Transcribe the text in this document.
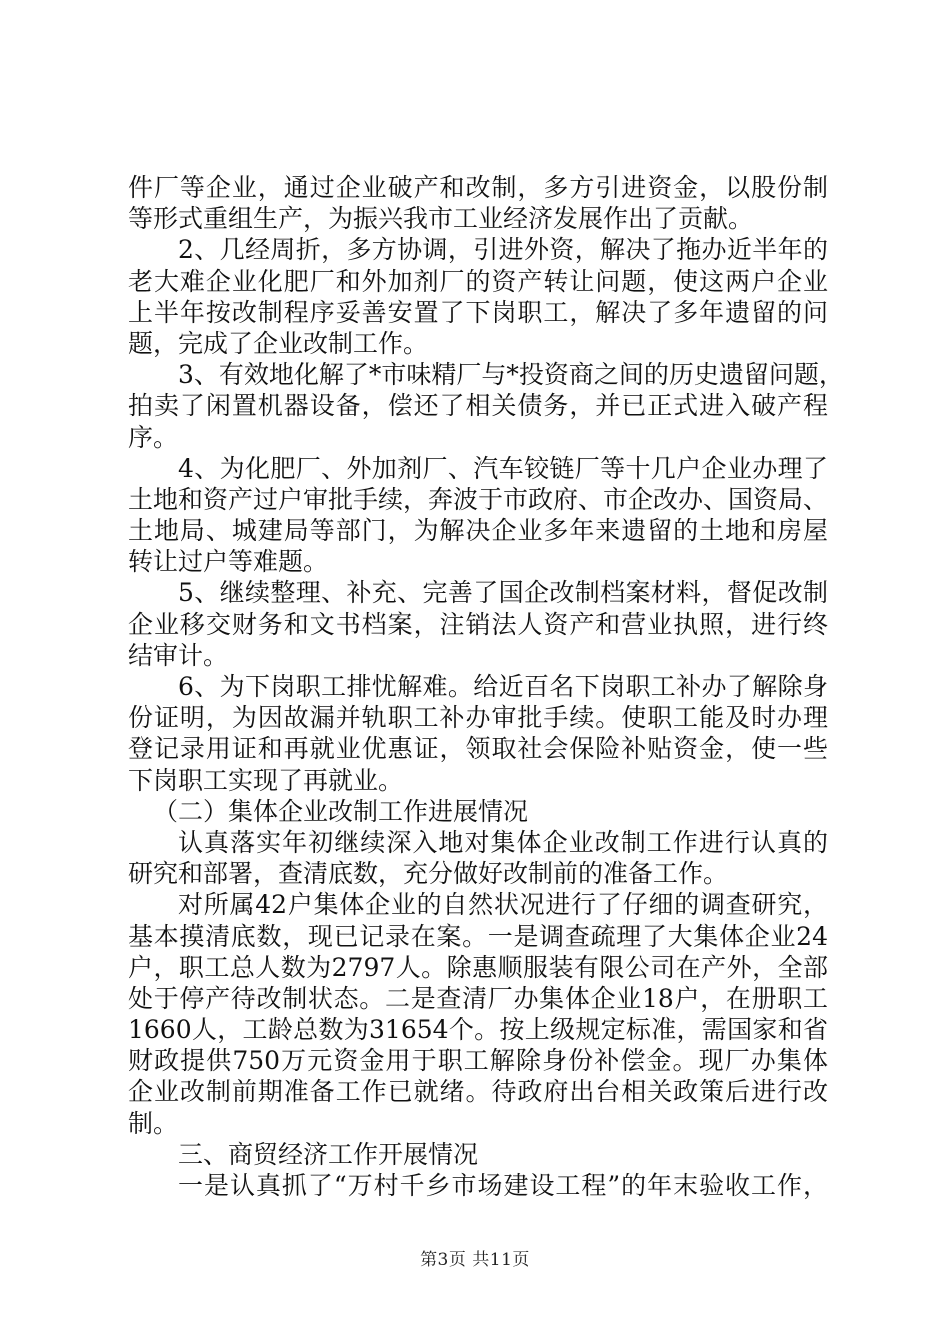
件厂等企业，通过企业破产和改制，多方引进资金，以股份制
等形式重组生产，为振兴我市工业经济发展作出了贡献。
2、几经周折，多方协调，引进外资，解决了拖办近半年的
老大难企业化肥厂和外加剂厂的资产转让问题，使这两户企业
上半年按改制程序妥善安置了下岗职工，解决了多年遗留的问
题，完成了企业改制工作。
3、有效地化解了*市味精厂与*投资商之间的历史遗留问题，
拍卖了闲置机器设备，偿还了相关债务，并已正式进入破产程
序。
4、为化肥厂、外加剂厂、汽车铰链厂等十几户企业办理了
土地和资产过户审批手续，奔波于市政府、市企改办、国资局、
土地局、城建局等部门，为解决企业多年来遗留的土地和房屋
转让过户等难题。
5、继续整理、补充、完善了国企改制档案材料，督促改制
企业移交财务和文书档案，注销法人资产和营业执照，进行终
结审计。
6、为下岗职工排忧解难。给近百名下岗职工补办了解除身
份证明，为因故漏并轨职工补办审批手续。使职工能及时办理
登记录用证和再就业优惠证，领取社会保险补贴资金，使一些
下岗职工实现了再就业。
（二）集体企业改制工作进展情况
认真落实年初继续深入地对集体企业改制工作进行认真的
研究和部署，查清底数，充分做好改制前的准备工作。
对所属42户集体企业的自然状况进行了仔细的调查研究，
基本摸清底数，现已记录在案。一是调查疏理了大集体企业24
户，职工总人数为2797人。除惠顺服装有限公司在产外，全部
处于停产待改制状态。二是查清厂办集体企业18户，在册职工
1660人，工龄总数为31654个。按上级规定标准，需国家和省
财政提供750万元资金用于职工解除身份补偿金。现厂办集体
企业改制前期准备工作已就绪。待政府出台相关政策后进行改
制。
三、商贸经济工作开展情况
一是认真抓了“万村千乡市场建设工程”的年末验收工作，
第3页 共11页
